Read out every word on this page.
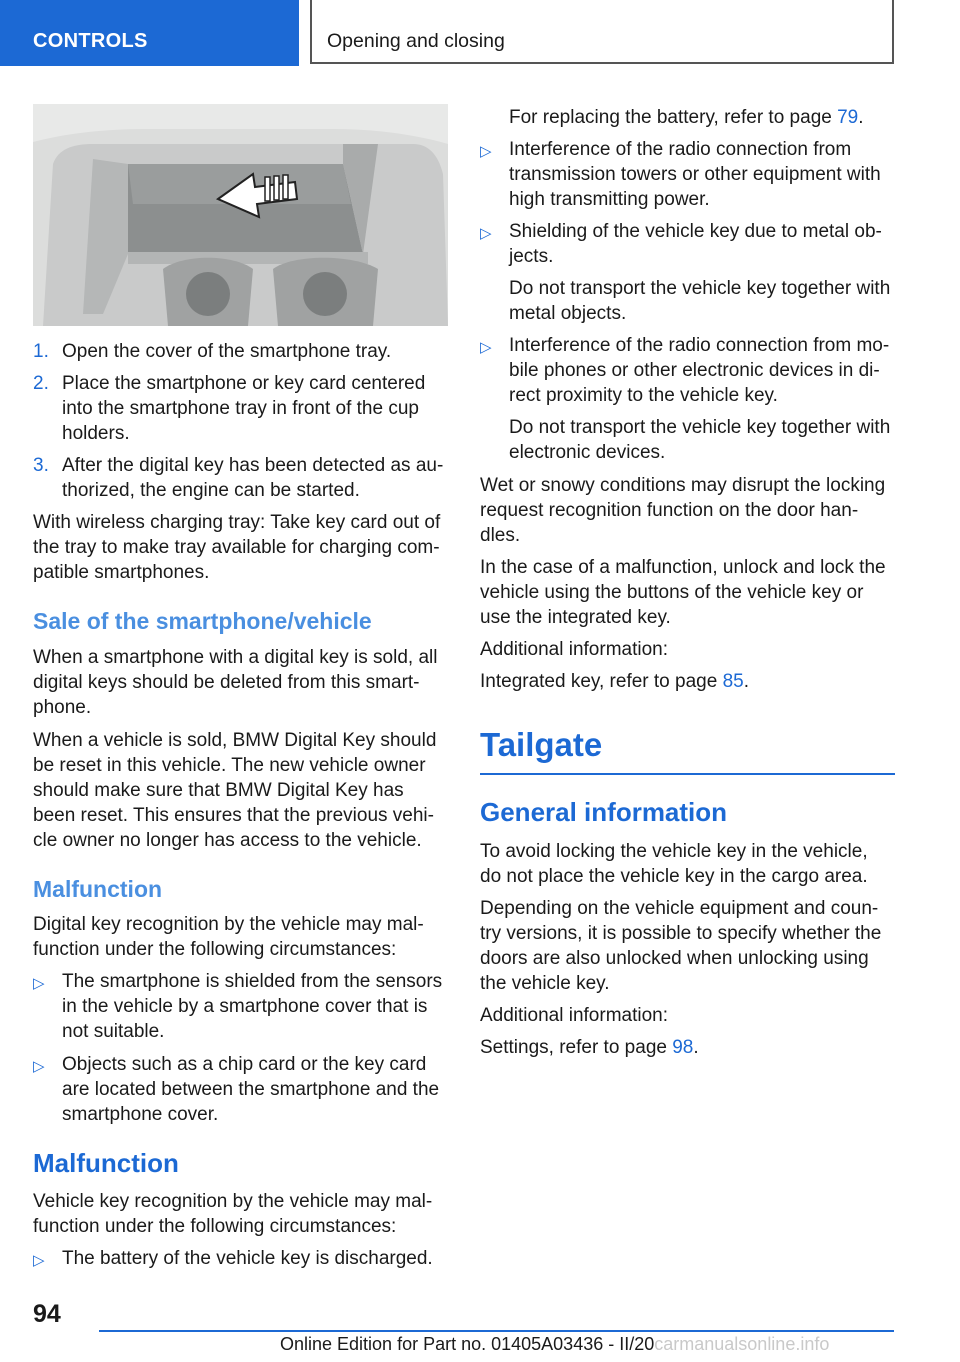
CONTROLS	Opening and closing
1. Open the cover of the smartphone tray.

2. Place the smartphone or key card centered

into the smartphone tray in front of the cup

holders.

3. After the digital key has been detected as au-

thorized, the engine can be started.

With wireless charging tray: Take key card out of

the tray to make tray available for charging com-

patible smartphones.

Sale of the smartphone/vehicle

When a smartphone with a digital key is sold, all

digital keys should be deleted from this smart-

phone.

When a vehicle is sold, BMW Digital Key should

be reset in this vehicle. The new vehicle owner

should make sure that BMW Digital Key has

been reset. This ensures that the previous vehi-

cle owner no longer has access to the vehicle.

Malfunction

Digital key recognition by the vehicle may mal-

function under the following circumstances:

▷ The smartphone is shielded from the sensors

in the vehicle by a smartphone cover that is

not suitable.

▷ Objects such as a chip card or the key card

are located between the smartphone and the

smartphone cover.

Malfunction

Vehicle key recognition by the vehicle may mal-

function under the following circumstances:

▷ The battery of the vehicle key is discharged.

For replacing the battery, refer to page 79.

▷ Interference of the radio connection from

transmission towers or other equipment with

high transmitting power.

▷ Shielding of the vehicle key due to metal ob-

jects.

Do not transport the vehicle key together with

metal objects.

▷ Interference of the radio connection from mo-

bile phones or other electronic devices in di-

rect proximity to the vehicle key.

Do not transport the vehicle key together with

electronic devices.

Wet or snowy conditions may disrupt the locking

request recognition function on the door han-

dles.

In the case of a malfunction, unlock and lock the

vehicle using the buttons of the vehicle key or

use the integrated key.

Additional information:

Integrated key, refer to page 85.

Tailgate
General information

To avoid locking the vehicle key in the vehicle,

do not place the vehicle key in the cargo area.

Depending on the vehicle equipment and coun-

try versions, it is possible to specify whether the

doors are also unlocked when unlocking using

the vehicle key.

Additional information:

Settings, refer to page 98.

94
Online Edition for Part no. 01405A03436 - II/20carmanualsonline.info
